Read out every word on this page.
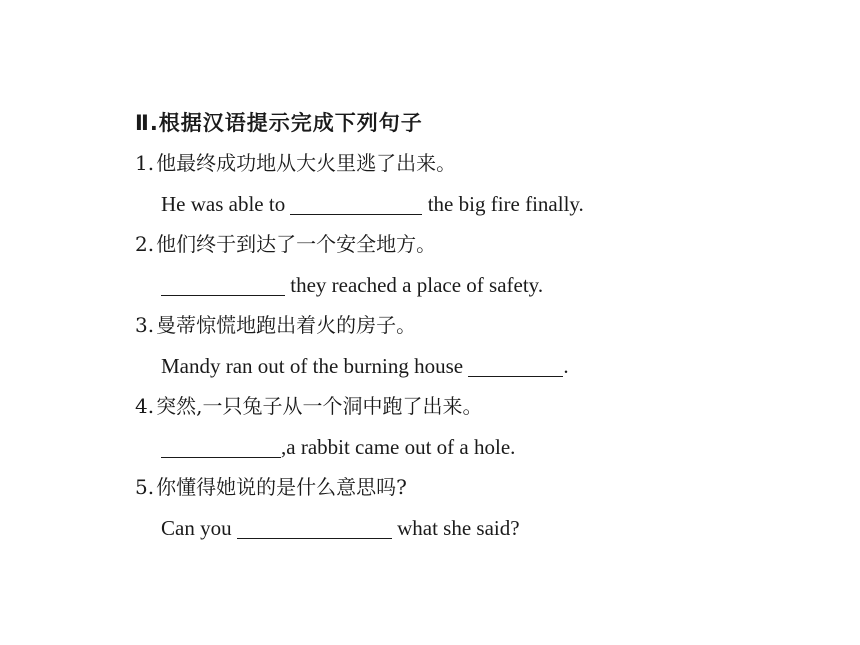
Ⅱ.根据汉语提示完成下列句子
1. 他最终成功地从大火里逃了出来。
He was able to	the big fire finally.
2. 他们终于到达了一个安全地方。
they reached a place of safety.
3. 曼蒂惊慌地跑出着火的房子。
Mandy ran out of the burning house	.
4. 突然,一只兔子从一个洞中跑了出来。
,a rabbit came out of a hole.
5. 你懂得她说的是什么意思吗?
Can you	what she said?
